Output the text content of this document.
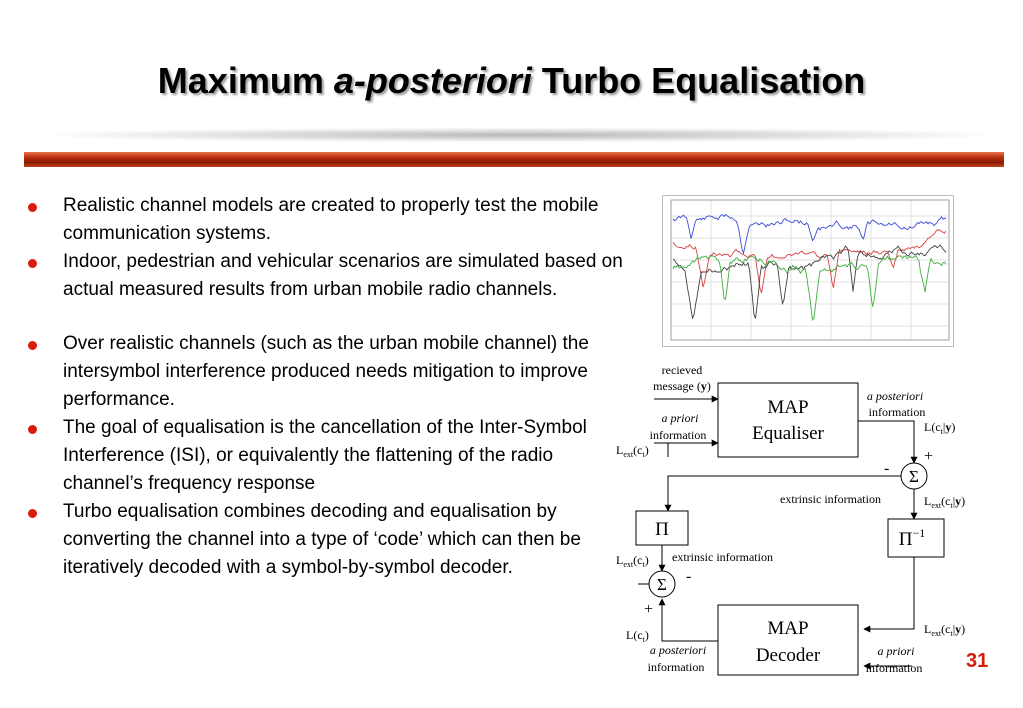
Maximum a-posteriori Turbo Equalisation
Realistic channel models are created to properly test the mobile communication systems.
Indoor, pedestrian and vehicular scenarios are simulated based on actual measured results from urban mobile radio channels.
Over realistic channels (such as the urban mobile channel) the intersymbol interference produced needs mitigation to improve performance.
The goal of equalisation is the cancellation of the Inter-Symbol Interference (ISI), or equivalently the flattening of the radio channel’s frequency response
Turbo equalisation combines decoding and equalisation by converting the channel into a type of ‘code’ which can then be iteratively decoded with a symbol-by-symbol decoder.
recieved
message (y)
a priori
information
MAP
Equaliser
a posteriori
information
$L(c_t|y)$
+
- Σ
$L_{ext}(c_t)$
extrinsic information	$L_{ext}(c_t|y)$
Π	$\Pi^{-1}$
$L_{ext}(c_t|y)$
MAP
Decoder	a priori
information
$L_{ext}(c_t)$ extrinsic information
-
Σ
+
$L(c_t)$
a posteriori
information	31
